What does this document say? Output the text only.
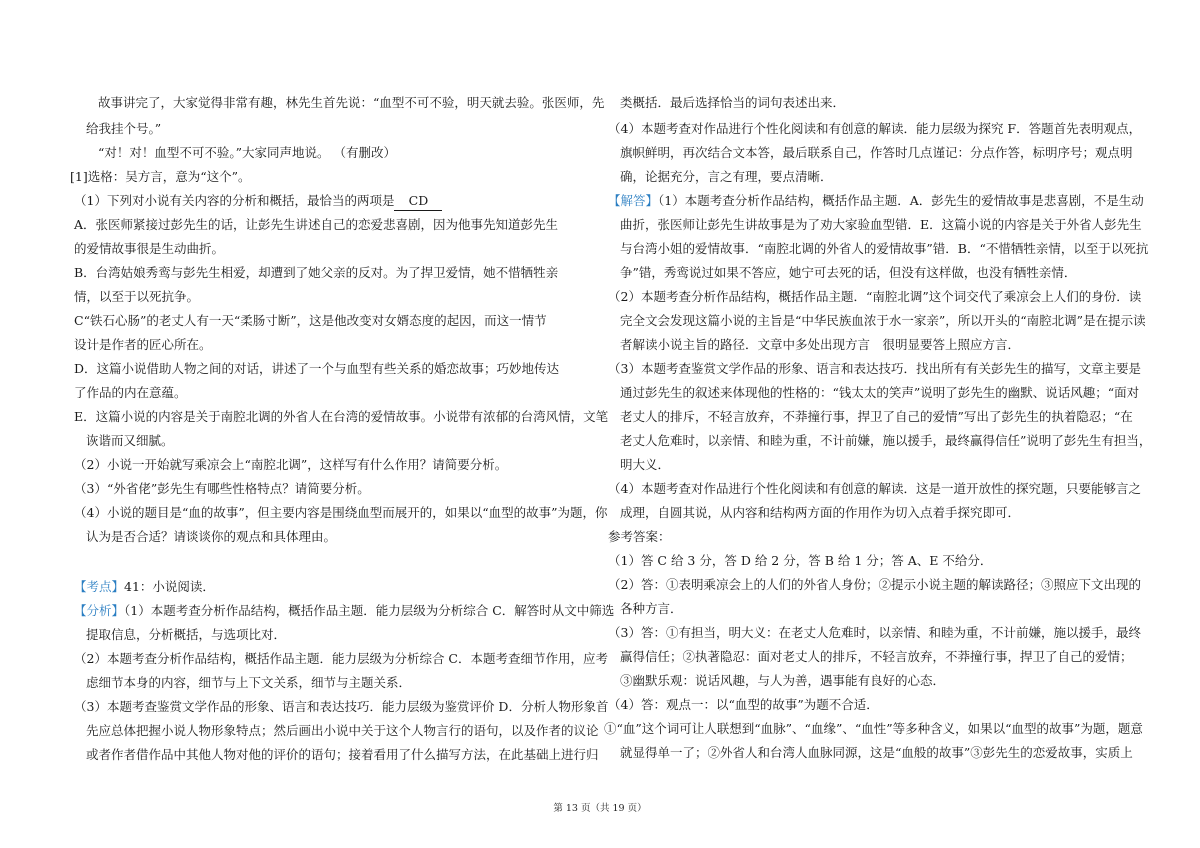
故事讲完了，大家觉得非常有趣，林先生首先说：“血型不可不验，明天就去验。张医师，先
给我挂个号。”
“对！对！血型不可不验。”大家同声地说。 （有删改）
[1]选格：吴方言，意为“这个”。
（1）下列对小说有关内容的分析和概括，最恰当的两项是 CD
A．张医师紧接过彭先生的话，让彭先生讲述自己的恋爱悲喜剧，因为他事先知道彭先生
的爱情故事很是生动曲折。
B．台湾姑娘秀鸾与彭先生相爱，却遭到了她父亲的反对。为了捍卫爱情，她不惜牺牲亲
情，以至于以死抗争。
C“铁石心肠”的老丈人有一天“柔肠寸断”，这是他改变对女婿态度的起因，而这一情节
设计是作者的匠心所在。
D．这篇小说借助人物之间的对话，讲述了一个与血型有些关系的婚恋故事；巧妙地传达
了作品的内在意蕴。
E．这篇小说的内容是关于南腔北调的外省人在台湾的爱情故事。小说带有浓郁的台湾风情，文笔
诙谐而又细腻。
（2）小说一开始就写乘凉会上“南腔北调”，这样写有什么作用？请简要分析。
（3）“外省佬”彭先生有哪些性格特点？请简要分析。
（4）小说的题目是“血的故事”，但主要内容是围绕血型而展开的，如果以“血型的故事”为题，你
认为是否合适？请谈谈你的观点和具体理由。
【考点】41：小说阅读．
【分析】（1）本题考查分析作品结构，概括作品主题．能力层级为分析综合 C．解答时从文中筛选
提取信息，分析概括，与选项比对．
（2）本题考查分析作品结构，概括作品主题．能力层级为分析综合 C．本题考查细节作用，应考
虑细节本身的内容，细节与上下文关系，细节与主题关系．
（3）本题考查鉴赏文学作品的形象、语言和表达技巧．能力层级为鉴赏评价 D．分析人物形象首
先应总体把握小说人物形象特点；然后画出小说中关于这个人物言行的语句，以及作者的议论
或者作者借作品中其他人物对他的评价的语句；接着看用了什么描写方法，在此基础上进行归
类概括．最后选择恰当的词句表述出来．
（4）本题考查对作品进行个性化阅读和有创意的解读．能力层级为探究 F．答题首先表明观点，
旗帜鲜明，再次结合文本答，最后联系自己，作答时几点谨记：分点作答，标明序号；观点明
确，论据充分，言之有理，要点清晰．
【解答】（1）本题考查分析作品结构，概括作品主题．A．彭先生的爱情故事是悲喜剧，不是生动
曲折，张医师让彭先生讲故事是为了劝大家验血型错．E．这篇小说的内容是关于外省人彭先生
与台湾小姐的爱情故事．“南腔北调的外省人的爱情故事”错．B．“不惜牺牲亲情，以至于以死抗
争”错，秀鸾说过如果不答应，她宁可去死的话，但没有这样做，也没有牺牲亲情．
（2）本题考查分析作品结构，概括作品主题．“南腔北调”这个词交代了乘凉会上人们的身份．读
完全文会发现这篇小说的主旨是“中华民族血浓于水一家亲”，所以开头的“南腔北调”是在提示读
者解读小说主旨的路径．文章中多处出现方言　很明显要答上照应方言．
（3）本题考查鉴赏文学作品的形象、语言和表达技巧．找出所有有关彭先生的描写，文章主要是
通过彭先生的叙述来体现他的性格的：“钱太太的笑声”说明了彭先生的幽默、说话风趣；“面对
老丈人的排斥，不轻言放弃，不莽撞行事，捍卫了自己的爱情”写出了彭先生的执着隐忍；“在
老丈人危难时，以亲情、和睦为重，不计前嫌，施以援手，最终赢得信任”说明了彭先生有担当，
明大义．
（4）本题考查对作品进行个性化阅读和有创意的解读．这是一道开放性的探究题，只要能够言之
成理，自圆其说，从内容和结构两方面的作用作为切入点着手探究即可．
参考答案：
（1）答 C 给 3 分，答 D 给 2 分，答 B 给 1 分；答 A、E 不给分．
（2）答：①表明乘凉会上的人们的外省人身份；②提示小说主题的解读路径；③照应下文出现的
各种方言．
（3）答：①有担当，明大义：在老丈人危难时，以亲情、和睦为重，不计前嫌，施以援手，最终
赢得信任；②执著隐忍：面对老丈人的排斥，不轻言放弃，不莽撞行事，捍卫了自己的爱情；
③幽默乐观：说话风趣，与人为善，遇事能有良好的心态．
（4）答：观点一：以“血型的故事”为题不合适．
①“血”这个词可让人联想到“血脉”、“血缘”、“血性”等多种含义，如果以“血型的故事”为题，题意
就显得单一了；②外省人和台湾人血脉同源，这是“血般的故事”③彭先生的恋爱故事，实质上
第 13 页（共 19 页）
